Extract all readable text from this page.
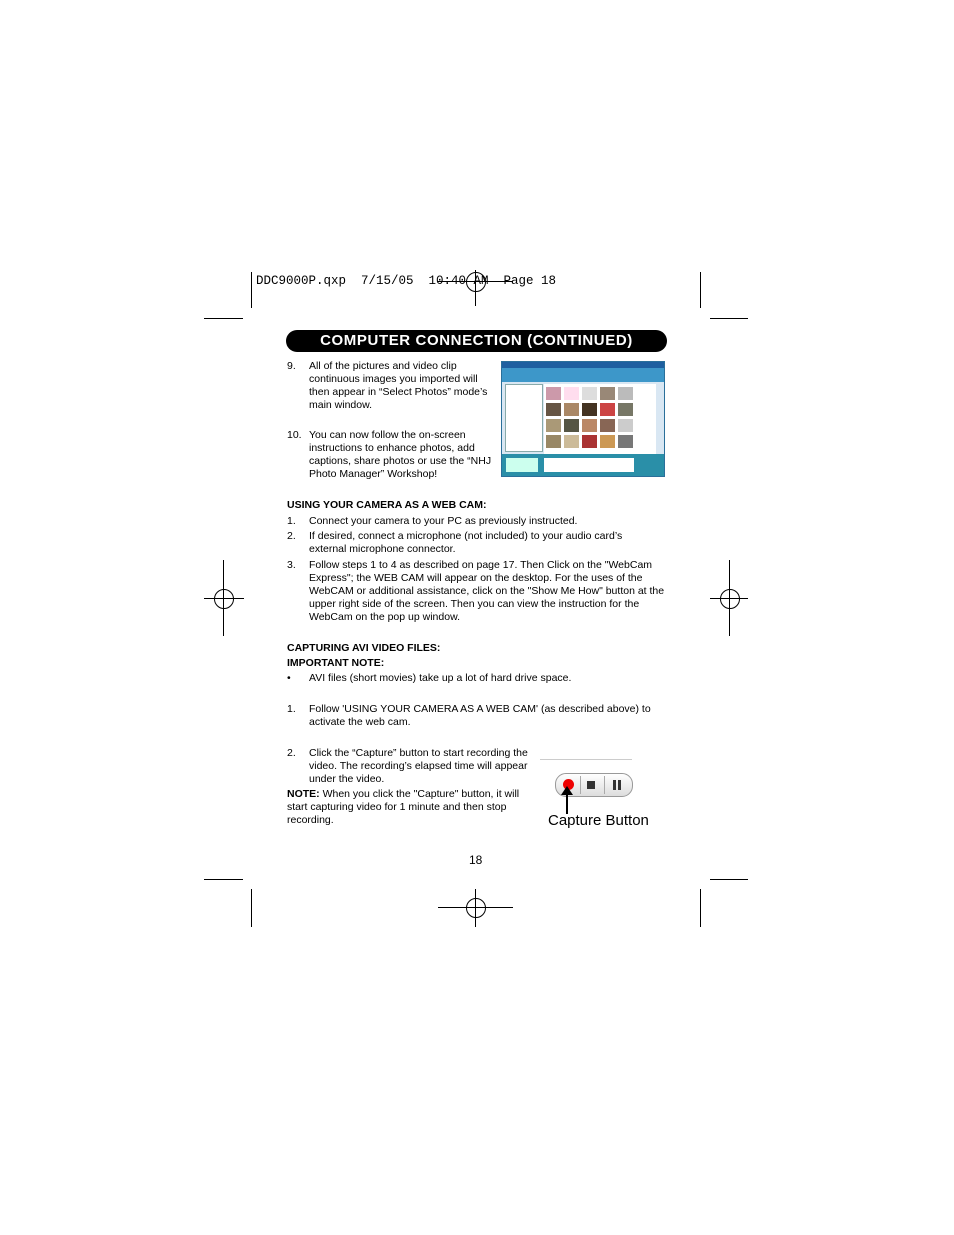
DDC9000P.qxp  7/15/05  10:40 AM  Page 18
COMPUTER CONNECTION (CONTINUED)
9. All of the pictures and video clip continuous images you imported will then appear in “Select Photos” mode’s main window.
10. You can now follow the on-screen instructions to enhance photos, add captions, share photos or use the “NHJ Photo Manager” Workshop!
USING YOUR CAMERA AS A WEB CAM:
1. Connect your camera to your PC as previously instructed.
2. If desired, connect a microphone (not included) to your audio card’s external microphone connector.
3. Follow steps 1 to 4 as described on page 17. Then Click on the "WebCam Express"; the WEB CAM will appear on the desktop. For the uses of the WebCAM or additional assistance, click on the "Show Me How" button at the upper right side of the screen. Then you can view the instruction for the WebCam on the pop up window.
CAPTURING AVI VIDEO FILES:
IMPORTANT NOTE:
• AVI files (short movies) take up a lot of hard drive space.
1. Follow 'USING YOUR CAMERA AS A WEB CAM' (as described above) to activate the web cam.
2. Click the “Capture” button to start recording the video. The recording’s elapsed time will appear under the video.
NOTE: When you click the "Capture" button, it will start capturing video for 1 minute and then stop recording.	Capture Button
18
